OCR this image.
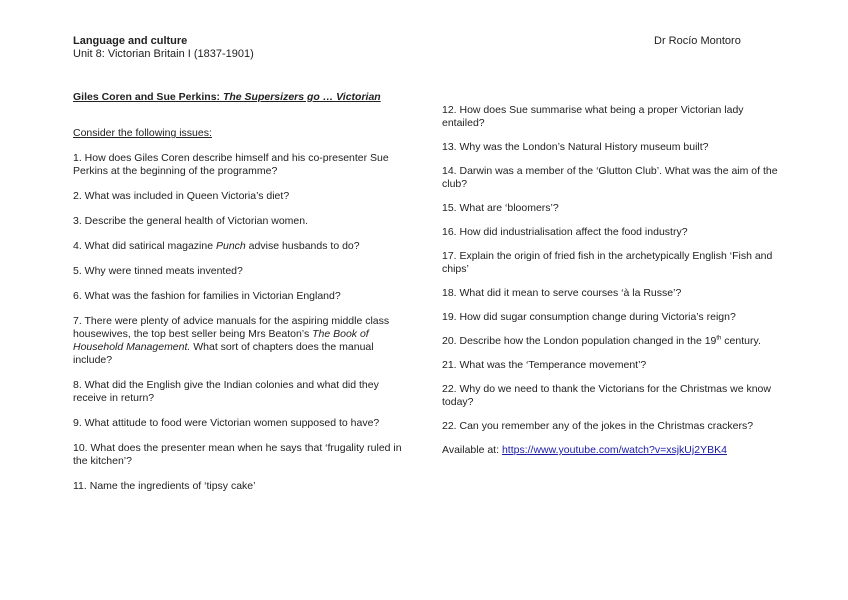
Language and culture
Unit 8: Victorian Britain I (1837-1901)
Dr Rocío Montoro
Giles Coren and Sue Perkins: The Supersizers go … Victorian
Consider the following issues:
1. How does Giles Coren describe himself and his co-presenter Sue Perkins at the beginning of the programme?
2. What was included in Queen Victoria’s diet?
3. Describe the general health of Victorian women.
4. What did satirical magazine Punch advise husbands to do?
5. Why were tinned meats invented?
6. What was the fashion for families in Victorian England?
7. There were plenty of advice manuals for the aspiring middle class housewives, the top best seller being Mrs Beaton’s The Book of Household Management. What sort of chapters does the manual include?
8. What did the English give the Indian colonies and what did they receive in return?
9. What attitude to food were Victorian women supposed to have?
10. What does the presenter mean when he says that ‘frugality ruled in the kitchen’?
11. Name the ingredients of ‘tipsy cake’
12. How does Sue summarise what being a proper Victorian lady entailed?
13. Why was the London’s Natural History museum built?
14. Darwin was a member of the ‘Glutton Club’. What was the aim of the club?
15. What are ‘bloomers’?
16. How did industrialisation affect the food industry?
17. Explain the origin of fried fish in the archetypically English ‘Fish and chips’
18. What did it mean to serve courses ‘à la Russe’?
19. How did sugar consumption change during Victoria’s reign?
20. Describe how the London population changed in the 19th century.
21. What was the ‘Temperance movement’?
22. Why do we need to thank the Victorians for the Christmas we know today?
22. Can you remember any of the jokes in the Christmas crackers?
Available at: https://www.youtube.com/watch?v=xsjkUj2YBK4
